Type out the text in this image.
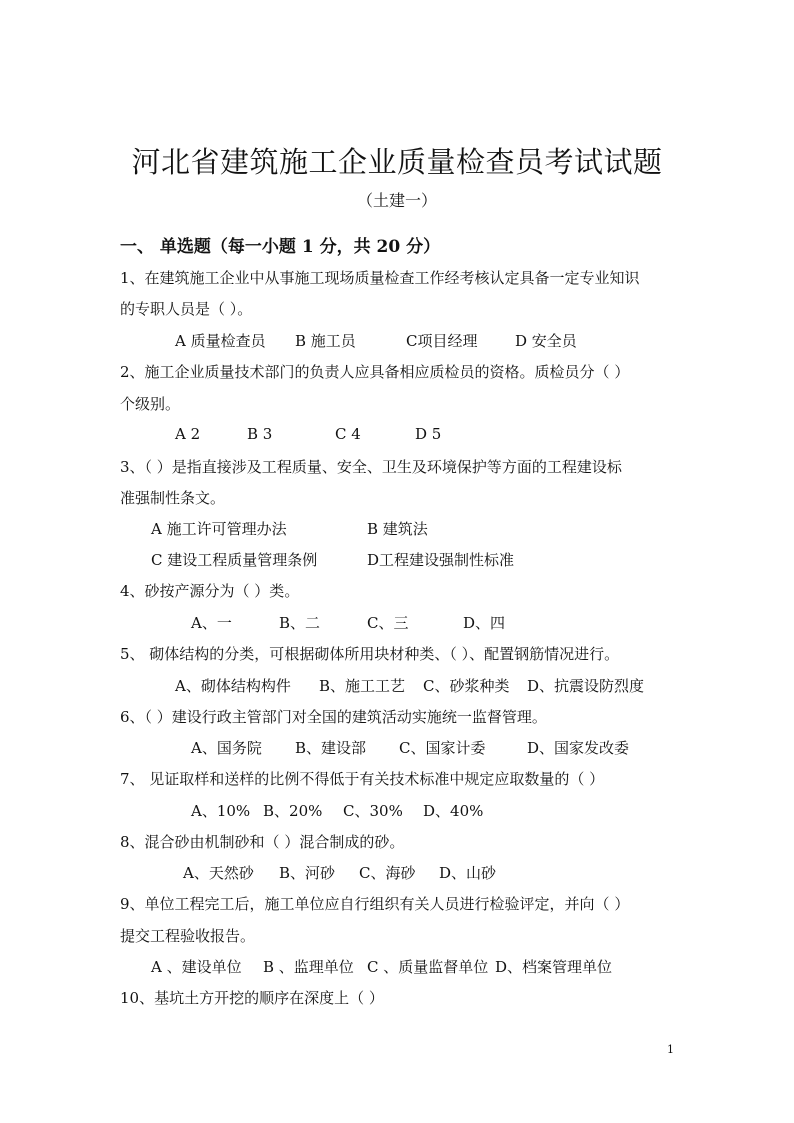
河北省建筑施工企业质量检查员考试试题
（土建一）
一、 单选题（每一小题 1 分，共 20 分）
1、在建筑施工企业中从事施工现场质量检查工作经考核认定具备一定专业知识
的专职人员是（ ）。
A 质量检查员 B 施工员	C项目经理	D 安全员
2、施工企业质量技术部门的负责人应具备相应质检员的资格。质检员分（ ）
个级别。
A 2	B 3	C 4	D 5
3、（ ）是指直接涉及工程质量、安全、卫生及环境保护等方面的工程建设标
准强制性条文。
A 施工许可管理办法	B 建筑法
C 建设工程质量管理条例	D工程建设强制性标准
4、砂按产源分为（ ）类。
A、一	B、二	C、三	D、四
5、 砌体结构的分类，可根据砌体所用块材种类、（ ）、配置钢筋情况进行。
A、砌体结构构件 B、施工工艺 C、砂浆种类 D、抗震设防烈度
6、（ ）建设行政主管部门对全国的建筑活动实施统一监督管理。
A、国务院 B、建设部 C、国家计委	D、国家发改委
7、 见证取样和送样的比例不得低于有关技术标准中规定应取数量的（ ）
A、10% B、20% C、30% D、40%
8、混合砂由机制砂和（ ）混合制成的砂。
A、天然砂 B、河砂 C、海砂 D、山砂
9、单位工程完工后，施工单位应自行组织有关人员进行检验评定，并向（ ）
提交工程验收报告。
A 、建设单位 B 、监理单位 C 、质量监督单位 D、档案管理单位
10、基坑土方开挖的顺序在深度上（ ）
1
